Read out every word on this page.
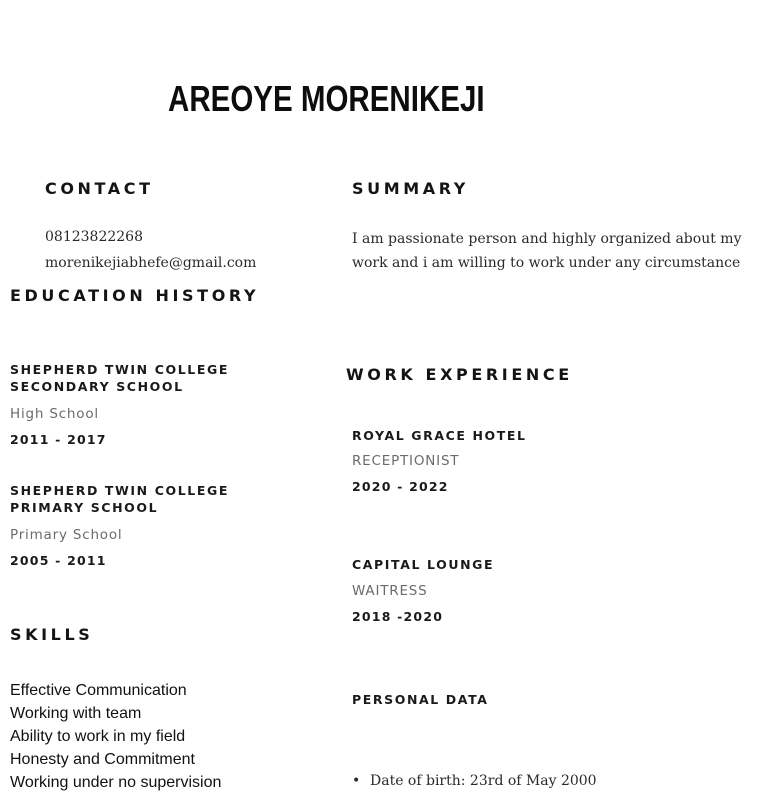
AREOYE MORENIKEJI
CONTACT
08123822268
morenikejiabhefe@gmail.com
SUMMARY
I am passionate person and highly organized about my work and i am willing to work under any circumstance
EDUCATION HISTORY
SHEPHERD TWIN COLLEGE SECONDARY SCHOOL
High School
2011 - 2017
SHEPHERD TWIN COLLEGE PRIMARY SCHOOL
Primary School
2005 - 2011
WORK EXPERIENCE
ROYAL GRACE HOTEL
RECEPTIONIST
2020 - 2022
CAPITAL LOUNGE
WAITRESS
2018 -2020
SKILLS
Effective Communication
Working with team
Ability to work in my field
Honesty and Commitment
Working under no supervision
PERSONAL DATA
• Date of birth: 23rd of May 2000
